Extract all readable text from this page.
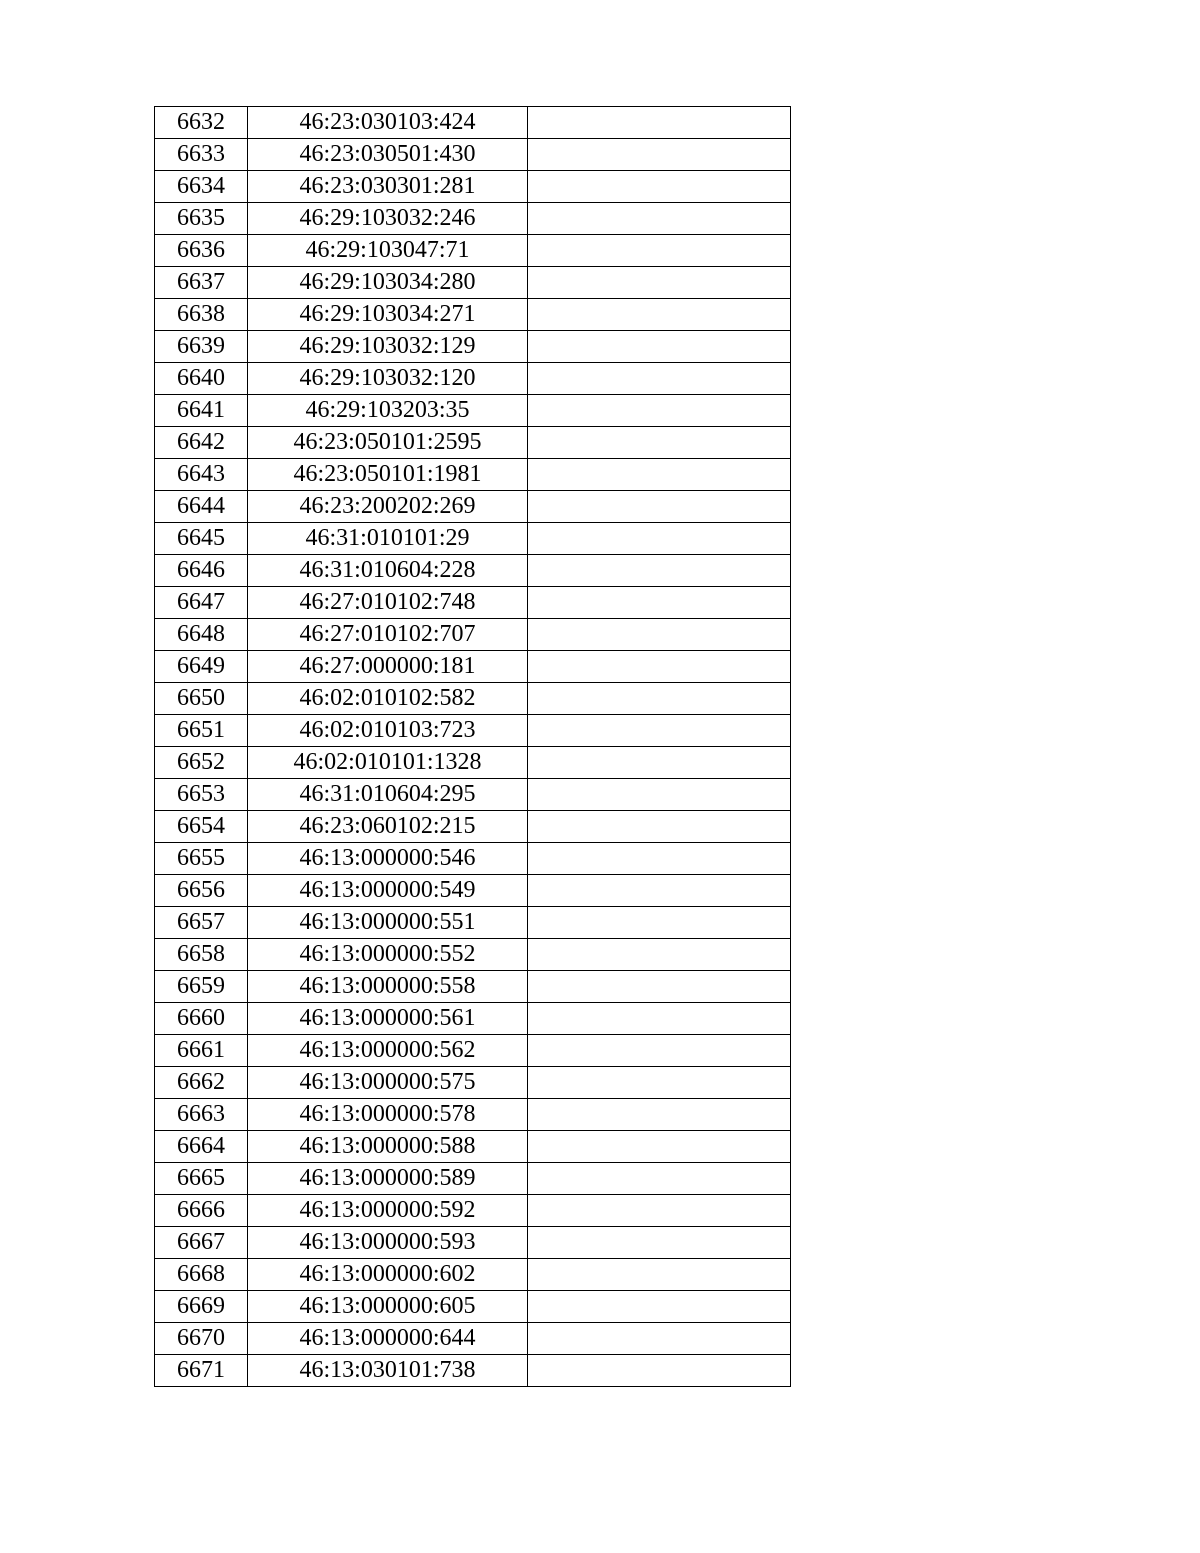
6632	46:23:030103:424	
6633	46:23:030501:430	
6634	46:23:030301:281	
6635	46:29:103032:246	
6636	46:29:103047:71	
6637	46:29:103034:280	
6638	46:29:103034:271	
6639	46:29:103032:129	
6640	46:29:103032:120	
6641	46:29:103203:35	
6642	46:23:050101:2595	
6643	46:23:050101:1981	
6644	46:23:200202:269	
6645	46:31:010101:29	
6646	46:31:010604:228	
6647	46:27:010102:748	
6648	46:27:010102:707	
6649	46:27:000000:181	
6650	46:02:010102:582	
6651	46:02:010103:723	
6652	46:02:010101:1328	
6653	46:31:010604:295	
6654	46:23:060102:215	
6655	46:13:000000:546	
6656	46:13:000000:549	
6657	46:13:000000:551	
6658	46:13:000000:552	
6659	46:13:000000:558	
6660	46:13:000000:561	
6661	46:13:000000:562	
6662	46:13:000000:575	
6663	46:13:000000:578	
6664	46:13:000000:588	
6665	46:13:000000:589	
6666	46:13:000000:592	
6667	46:13:000000:593	
6668	46:13:000000:602	
6669	46:13:000000:605	
6670	46:13:000000:644	
6671	46:13:030101:738	
